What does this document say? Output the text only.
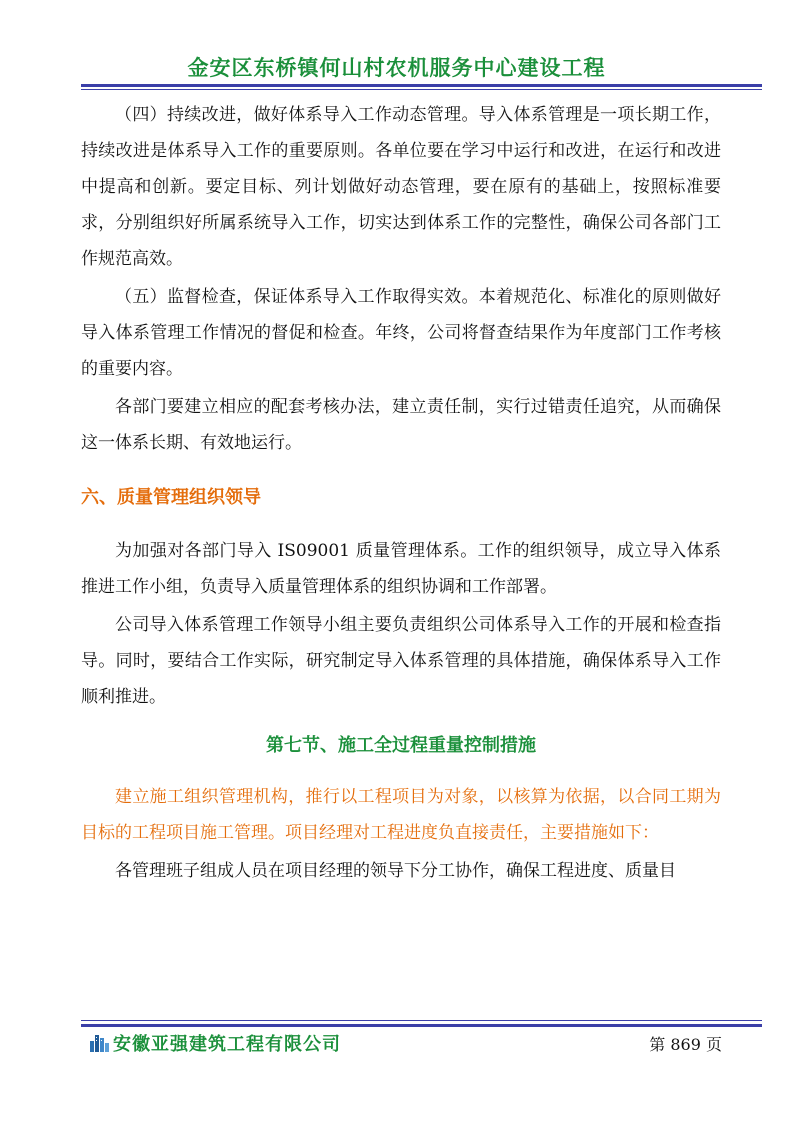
金安区东桥镇何山村农机服务中心建设工程

（四）持续改进，做好体系导入工作动态管理。导入体系管理是一项长期工作，持续改进是体系导入工作的重要原则。各单位要在学习中运行和改进，在运行和改进中提高和创新。要定目标、列计划做好动态管理，要在原有的基础上，按照标准要求，分别组织好所属系统导入工作，切实达到体系工作的完整性，确保公司各部门工作规范高效。

（五）监督检查，保证体系导入工作取得实效。本着规范化、标准化的原则做好导入体系管理工作情况的督促和检查。年终，公司将督查结果作为年度部门工作考核的重要内容。

各部门要建立相应的配套考核办法，建立责任制，实行过错责任追究，从而确保这一体系长期、有效地运行。

六、质量管理组织领导

为加强对各部门导入 IS09001 质量管理体系。工作的组织领导，成立导入体系推进工作小组，负责导入质量管理体系的组织协调和工作部署。

公司导入体系管理工作领导小组主要负责组织公司体系导入工作的开展和检查指导。同时，要结合工作实际，研究制定导入体系管理的具体措施，确保体系导入工作顺利推进。

第七节、施工全过程重量控制措施

建立施工组织管理机构，推行以工程项目为对象，以核算为依据，以合同工期为目标的工程项目施工管理。项目经理对工程进度负直接责任，主要措施如下：

各管理班子组成人员在项目经理的领导下分工协作，确保工程进度、质量目

安徽亚强建筑工程有限公司	第 869 页
